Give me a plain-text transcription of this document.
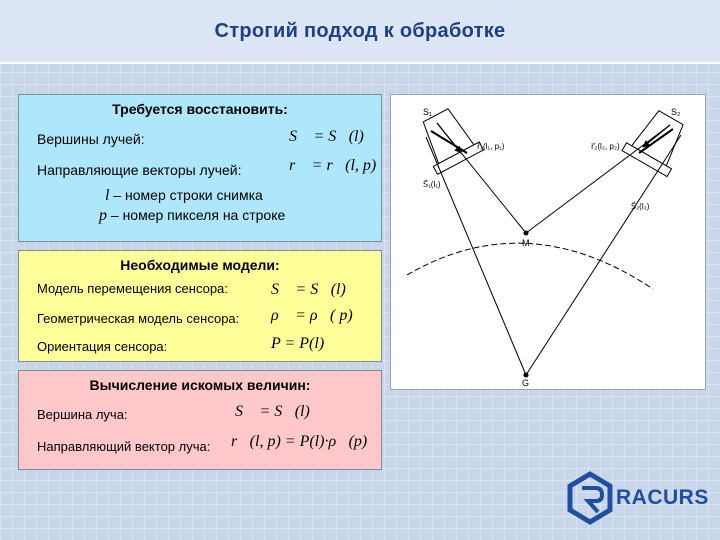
Строгий подход к обработке
Требуется восстановить:
Вершины лучей:	S⃗ = S⃗(l)
Направляющие векторы лучей:	r⃗ = r⃗(l, p)
l – номер строки снимка
p – номер пикселя на строке
Необходимые модели:
Модель перемещения сенсора:	S⃗ = S⃗(l)
Геометрическая модель сенсора: ρ⃗ = ρ⃗( p)
Ориентация сенсора:	P = P(l)
Вычисление искомых величин:
Вершина луча:	S⃗ = S⃗(l)
Направляющий вектор луча: r⃗(l, p) = P(l)·ρ⃗(p)
S₁	S₂
r⃗₁(l₁, p₁)	r⃗₂(l₂, p₂)
S⃗₁(l₁)
S⃗₂(l₂)
M
G
RACURS
